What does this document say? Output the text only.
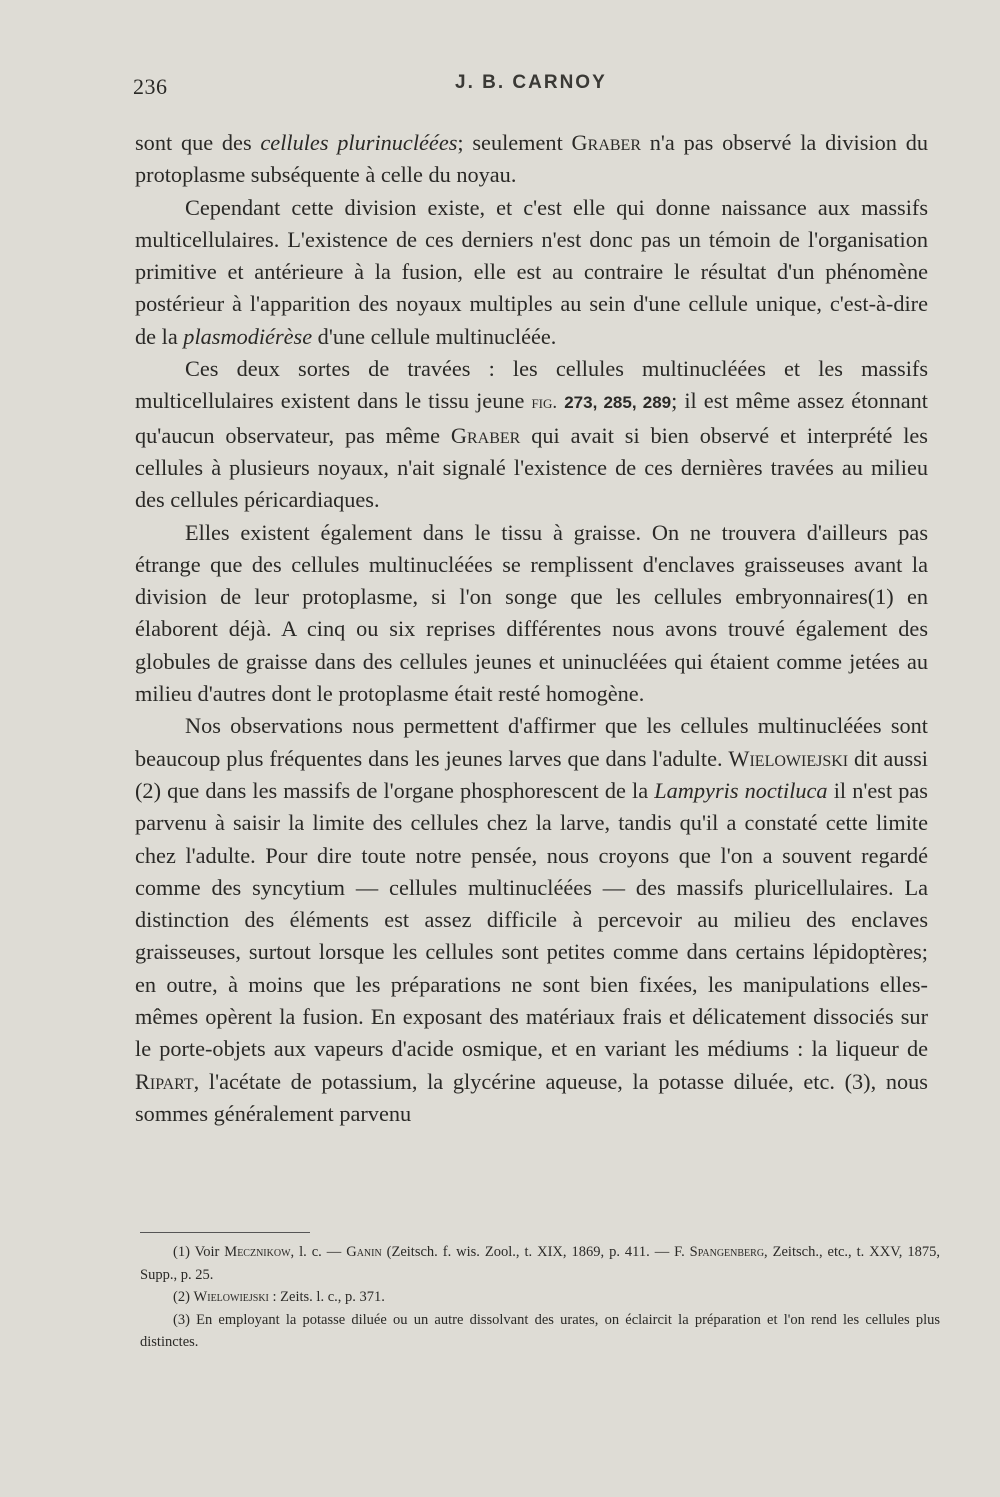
236	J. B. CARNOY

sont que des cellules plurinucléées; seulement Graber n'a pas observé la division du protoplasme subséquente à celle du noyau.

Cependant cette division existe, et c'est elle qui donne naissance aux massifs multicellulaires. L'existence de ces derniers n'est donc pas un témoin de l'organisation primitive et antérieure à la fusion, elle est au contraire le résultat d'un phénomène postérieur à l'apparition des noyaux multiples au sein d'une cellule unique, c'est-à-dire de la plasmodiérèse d'une cellule multinucléée.

Ces deux sortes de travées : les cellules multinucléées et les massifs multicellulaires existent dans le tissu jeune fig. 273, 285, 289; il est même assez étonnant qu'aucun observateur, pas même Graber qui avait si bien observé et interprété les cellules à plusieurs noyaux, n'ait signalé l'existence de ces dernières travées au milieu des cellules péricardiaques.

Elles existent également dans le tissu à graisse. On ne trouvera d'ailleurs pas étrange que des cellules multinucléées se remplissent d'enclaves graisseuses avant la division de leur protoplasme, si l'on songe que les cellules embryonnaires(1) en élaborent déjà. A cinq ou six reprises différentes nous avons trouvé également des globules de graisse dans des cellules jeunes et uninucléées qui étaient comme jetées au milieu d'autres dont le protoplasme était resté homogène.

Nos observations nous permettent d'affirmer que les cellules multinucléées sont beaucoup plus fréquentes dans les jeunes larves que dans l'adulte. Wielowiejski dit aussi (2) que dans les massifs de l'organe phosphorescent de la Lampyris noctiluca il n'est pas parvenu à saisir la limite des cellules chez la larve, tandis qu'il a constaté cette limite chez l'adulte. Pour dire toute notre pensée, nous croyons que l'on a souvent regardé comme des syncytium — cellules multinucléées — des massifs pluricellulaires. La distinction des éléments est assez difficile à percevoir au milieu des enclaves graisseuses, surtout lorsque les cellules sont petites comme dans certains lépidoptères; en outre, à moins que les préparations ne sont bien fixées, les manipulations elles-mêmes opèrent la fusion. En exposant des matériaux frais et délicatement dissociés sur le porte-objets aux vapeurs d'acide osmique, et en variant les médiums : la liqueur de Ripart, l'acétate de potassium, la glycérine aqueuse, la potasse diluée, etc. (3), nous sommes généralement parvenu

(1) Voir Mecznikow, l. c. — Ganin (Zeitsch. f. wis. Zool., t. XIX, 1869, p. 411. — F. Spangenberg, Zeitsch., etc., t. XXV, 1875, Supp., p. 25.

(2) Wielowiejski : Zeits. l. c., p. 371.

(3) En employant la potasse diluée ou un autre dissolvant des urates, on éclaircit la préparation et l'on rend les cellules plus distinctes.
